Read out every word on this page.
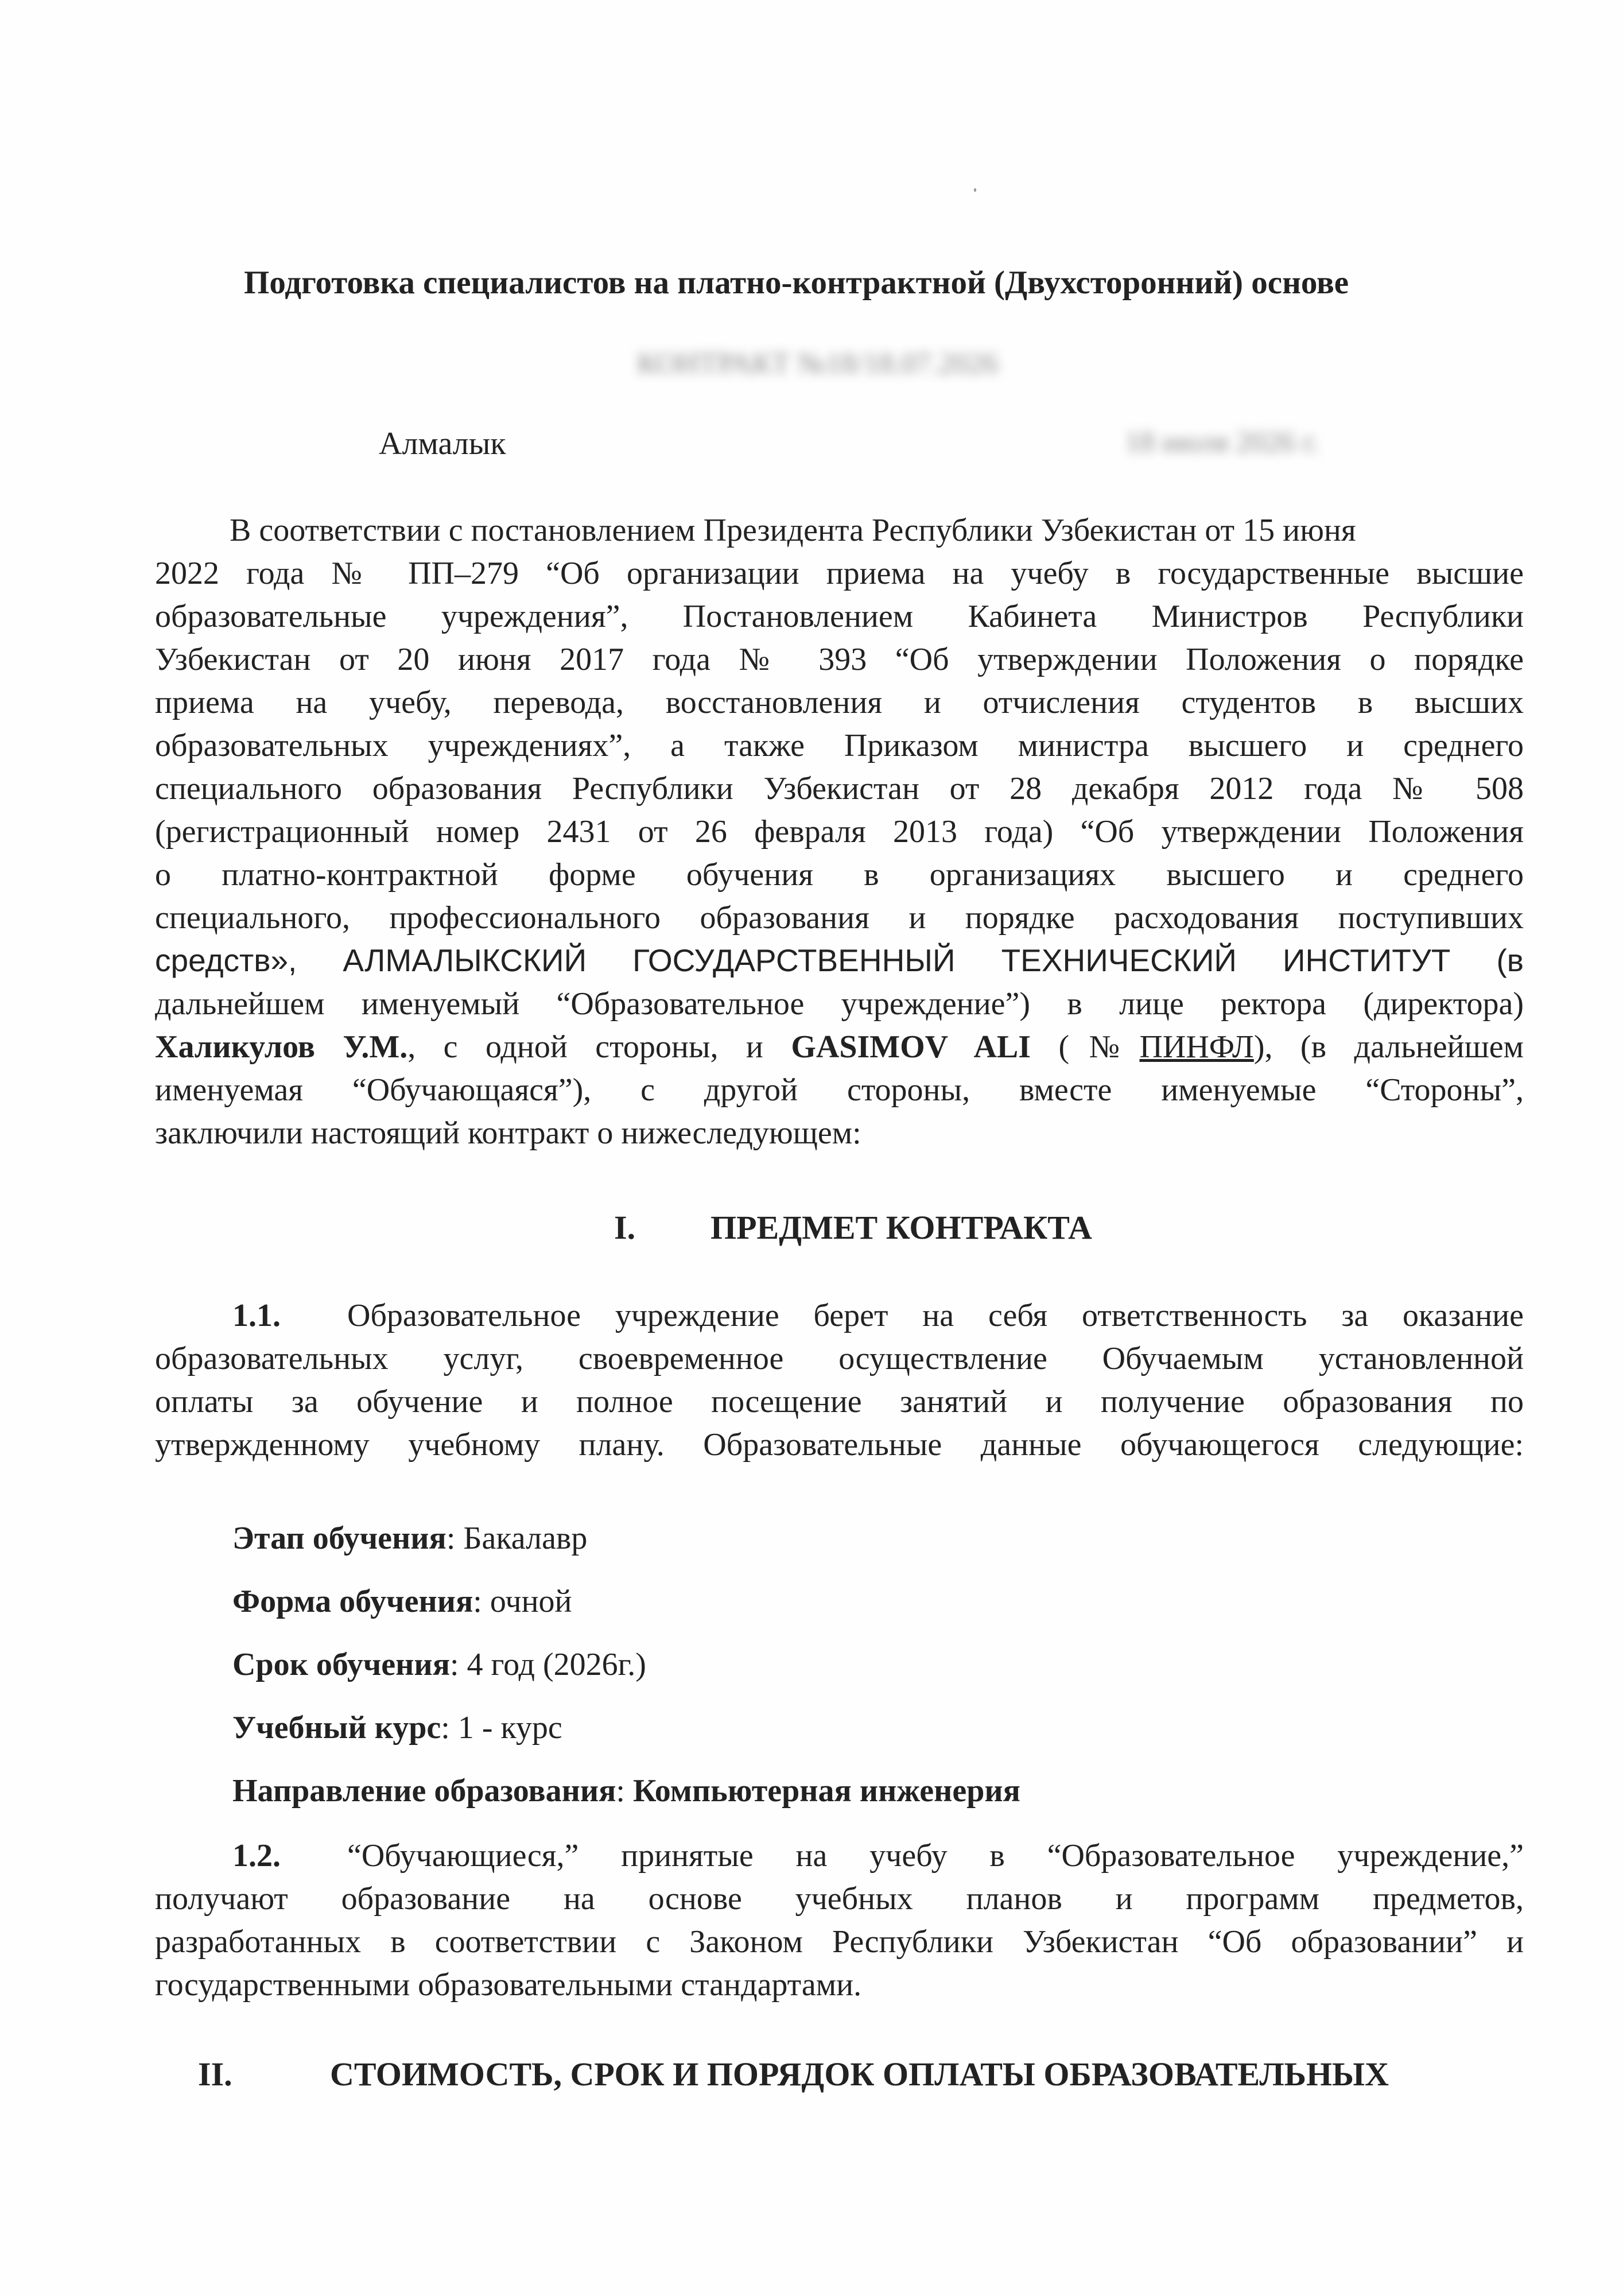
Подготовка специалистов на платно-контрактной (Двухсторонний) основе
КОНТРАКТ №18/18.07.2026
Алмалык	18 июля 2026 г.
В соответствии с постановлением Президента Республики Узбекистан от 15 июня
2022 года № ПП–279 “Об организации приема на учебу в государственные высшие
образовательные учреждения”, Постановлением Кабинета Министров Республики
Узбекистан от 20 июня 2017 года № 393 “Об утверждении Положения о порядке
приема на учебу, перевода, восстановления и отчисления студентов в высших
образовательных учреждениях”, а также Приказом министра высшего и среднего
специального образования Республики Узбекистан от 28 декабря 2012 года № 508
(регистрационный номер 2431 от 26 февраля 2013 года) “Об утверждении Положения
о платно-контрактной форме обучения в организациях высшего и среднего
специального, профессионального образования и порядке расходования поступивших
средств», АЛМАЛЫКСКИЙ ГОСУДАРСТВЕННЫЙ ТЕХНИЧЕСКИЙ ИНСТИТУТ (в
дальнейшем именуемый “Образовательное учреждение”) в лице ректора (директора)
Халикулов У.М., с одной стороны, и GASIMOV ALI (№ПИНФЛ), (в дальнейшем
именуемая “Обучающаяся”), с другой стороны, вместе именуемые “Стороны”,
заключили настоящий контракт о нижеследующем:
I. ПРЕДМЕТ КОНТРАКТА
1.1. Образовательное учреждение берет на себя ответственность за оказание
образовательных услуг, своевременное осуществление Обучаемым установленной
оплаты за обучение и полное посещение занятий и получение образования по
утвержденному учебному плану. Образовательные данные обучающегося следующие:
Этап обучения: Бакалавр
Форма обучения: очной
Срок обучения: 4 год (2026г.)
Учебный курс: 1 - курс
Направление образования: Компьютерная инженерия
1.2. “Обучающиеся,” принятые на учебу в “Образовательное учреждение,”
получают образование на основе учебных планов и программ предметов,
разработанных в соответствии с Законом Республики Узбекистан “Об образовании” и
государственными образовательными стандартами.
II.	СТОИМОСТЬ, СРОК И ПОРЯДОК ОПЛАТЫ ОБРАЗОВАТЕЛЬНЫХ
